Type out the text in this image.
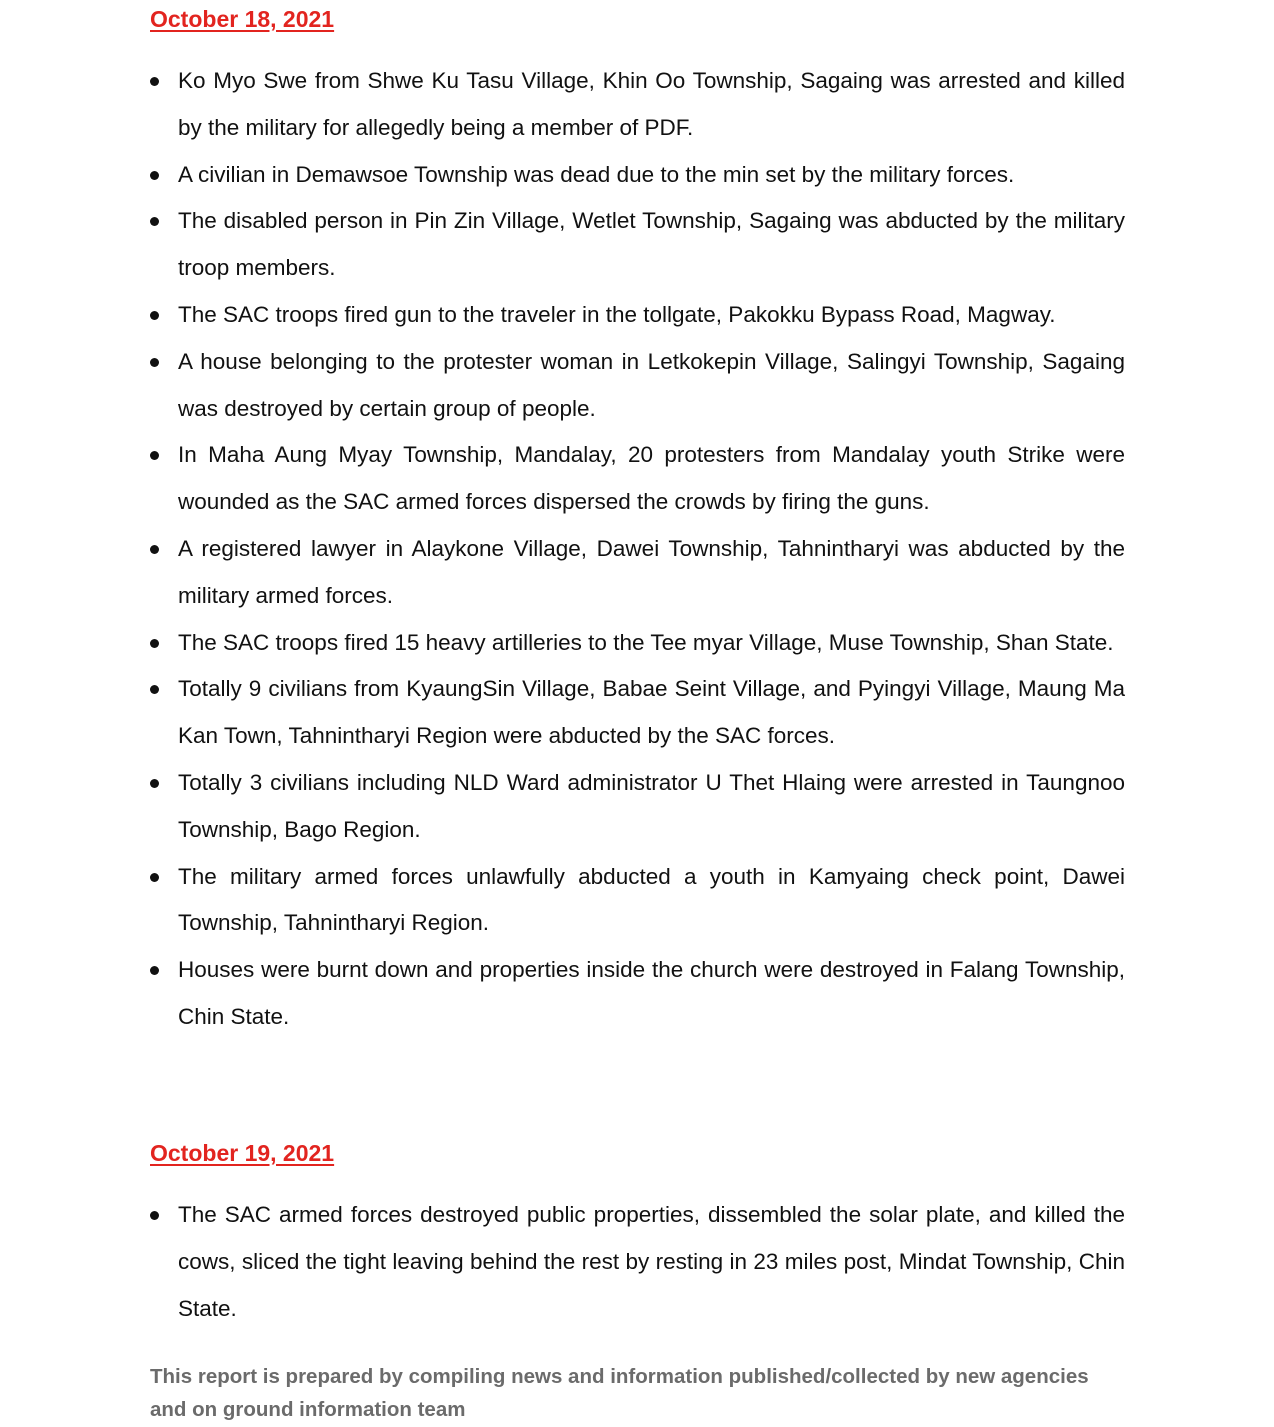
October 18, 2021
Ko Myo Swe from Shwe Ku Tasu Village, Khin Oo Township, Sagaing was arrested and killed by the military for allegedly being a member of PDF.
A civilian in Demawsoe Township was dead due to the min set by the military forces.
The disabled person in Pin Zin Village, Wetlet Township, Sagaing was abducted by the military troop members.
The SAC troops fired gun to the traveler in the tollgate, Pakokku Bypass Road, Magway.
A house belonging to the protester woman in Letkokepin Village, Salingyi Township, Sagaing was destroyed by certain group of people.
In Maha Aung Myay Township, Mandalay, 20 protesters from Mandalay youth Strike were wounded as the SAC armed forces dispersed the crowds by firing the guns.
A registered lawyer in Alaykone Village, Dawei Township, Tahnintharyi was abducted by the military armed forces.
The SAC troops fired 15 heavy artilleries to the Tee myar Village, Muse Township, Shan State.
Totally 9 civilians from KyaungSin Village, Babae Seint Village, and Pyingyi Village, Maung Ma Kan Town, Tahnintharyi Region were abducted by the SAC forces.
Totally 3 civilians including NLD Ward administrator U Thet Hlaing were arrested in Taungnoo Township, Bago Region.
The military armed forces unlawfully abducted a youth in Kamyaing check point, Dawei Township, Tahnintharyi Region.
Houses were burnt down and properties inside the church were destroyed in Falang Township, Chin State.
October 19, 2021
The SAC armed forces destroyed public properties, dissembled the solar plate, and killed the cows, sliced the tight leaving behind the rest by resting in 23 miles post, Mindat Township, Chin State.

This report is prepared by compiling news and information published/collected by new agencies and on ground information team
